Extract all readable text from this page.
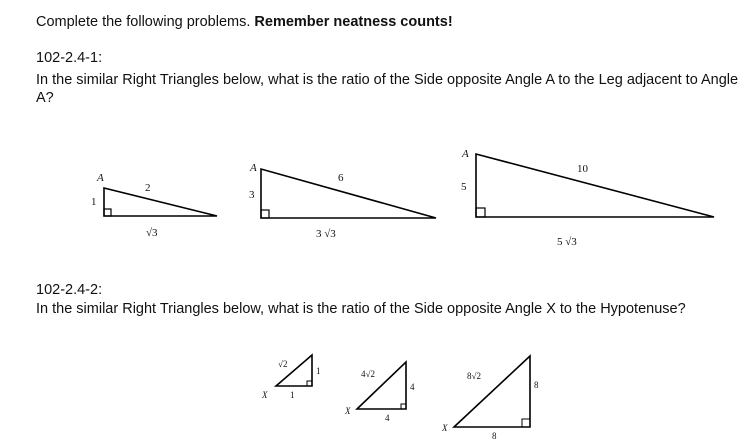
Complete the following problems. Remember neatness counts!
102-2.4-1:
In the similar Right Triangles below, what is the ratio of the Side opposite Angle A to the Leg adjacent to Angle A?
A
1
2
√3
A
3
6
3 √3
A
5
10
5 √3
X
√2
1
1
X
4√2
4
4
X
8√2
8
8
102-2.4-2:
In the similar Right Triangles below, what is the ratio of the Side opposite Angle X to the Hypotenuse?
